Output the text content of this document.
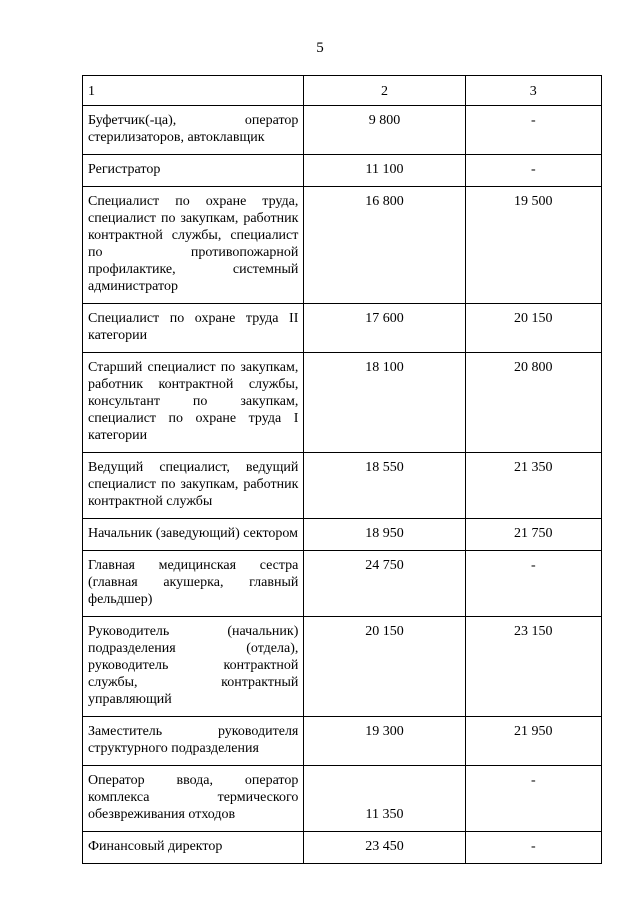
5
1	2	3
Буфетчик(-ца), оператор стерилизаторов, автоклавщик	9 800	-
Регистратор	11 100	-
Специалист по охране труда, специалист по закупкам, работник контрактной службы, специалист по противопожарной профилактике, системный администратор	16 800	19 500
Специалист по охране труда II категории	17 600	20 150
Старший специалист по закупкам, работник контрактной службы, консультант по закупкам, специалист по охране труда I категории	18 100	20 800
Ведущий специалист, ведущий специалист по закупкам, работник контрактной службы	18 550	21 350
Начальник (заведующий) сектором	18 950	21 750
Главная медицинская сестра (главная акушерка, главный фельдшер)	24 750	-
Руководитель (начальник) подразделения (отдела), руководитель контрактной службы, контрактный управляющий	20 150	23 150
Заместитель руководителя структурного подразделения	19 300	21 950
Оператор ввода, оператор комплекса термического обезвреживания отходов	11 350	-
Финансовый директор	23 450	-
